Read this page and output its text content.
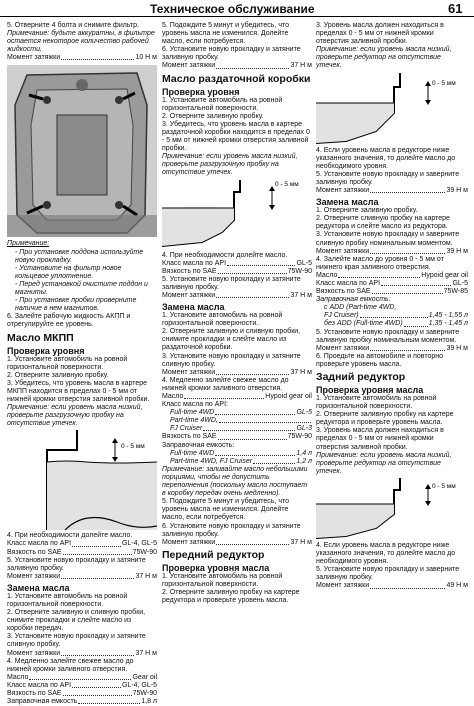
Техническое обслуживание	61
5. Отверните 4 болта и снимите фильтр.
Примечание: будьте аккуратны, в фильтре остается некоторое количество рабочей жидкости.
Момент затяжки	10 Н м
Примечание:
- При установке поддона используйте новую прокладку.
- Установите на фильтр новое кольцевое уплотнение.
- Перед установкой очистите поддон и магниты.
- При установке пробки проверните наличие в нем магнитов.
6. Залейте рабочую жидкость АКПП и отрегулируйте ее уровень.
Масло МКПП
Проверка уровня
1. Установите автомобиль на ровной горизонтальной поверхности.
2. Отверните заливную пробку.
3. Убедитесь, что уровень масла в картере МКПП находится в пределах 0 - 5 мм от нижней кромки отверстия заливной пробки.
Примечание: если уровень масла низкий, проверьте разгрузочную пробку на отсутствие утечек.
0 - 5 мм
4. При необходимости долейте масло.
Класс масла по API	GL-4, GL-5
Вязкость по SAE	75W-90
5. Установите новую прокладку и затяните заливную пробку.
Момент затяжки	37 Н м
Замена масла
1. Установите автомобиль на ровной горизонтальной поверхности.
2. Отверните заливную и сливную пробки, снимите прокладки и слейте масло из коробки передач.
3. Установите новую прокладку и затяните сливную пробку.
Момент затяжки	37 Н м
4. Медленно залейте свежее масло до нижней кромки заливного отверстия.
Масло	Gear oil
Класс масла по API	GL-4, GL-5
Вязкость по SAE	75W-90
Заправочная емкость	1,8 л
5. Подождите 5 минут и убедитесь, что уровень масла не изменился. Долейте масло, если потребуется.
6. Установите новую прокладку и затяните заливную пробку.
Момент затяжки	37 Н м
Масло раздаточной коробки
Проверка уровня
1. Установите автомобиль на ровной горизонтальной поверхности.
2. Отверните заливную пробку.
3. Убедитесь, что уровень масла в картере раздаточной коробки находится в пределах 0 - 5 мм от нижней кромки отверстия заливной пробки.
Примечание: если уровень масла низкий, проверьте разгрузочную пробку на отсутствие утечек.
0 - 5 мм
4. При необходимости долейте масло.
Класс масла по API	GL-5
Вязкость по SAE	75W-90
5. Установите новую прокладку и затяните заливную пробку.
Момент затяжки	37 Н м
Замена масла
1. Установите автомобиль на ровной горизонтальной поверхности.
2. Отверните заливную и сливную пробки, снимите прокладки и слейте масло из раздаточной коробки.
3. Установите новую прокладку и затяните сливную пробку.
Момент затяжки	37 Н м
4. Медленно залейте свежее масло до нижней кромки заливного отверстия.
Масло	Hypoid gear oil
Класс масла по API:
Full-time 4WD	GL-5
Part-time 4WD,
FJ Cruiser	GL-3
Вязкость по SAE	75W-90
Заправочная емкость:
Full-time 4WD	1,4 л
Part-time 4WD, FJ Cruiser	1,2 л
Примечание: заливайте масло небольшими порциями, чтобы не допустить переполнения (поскольку масло поступает в коробку передач очень медленно).
5. Подождите 5 минут и убедитесь, что уровень масла не изменился. Долейте масло, если потребуется.
6. Установите новую прокладку и затяните заливную пробку.
Момент затяжки	37 Н м
Передний редуктор
Проверка уровня масла
1. Установите автомобиль на ровной горизонтальной поверхности.
2. Отверните заливную пробку на картере редуктора и проверьте уровень масла.
3. Уровень масла должен находиться в пределах 0 - 5 мм от нижней кромки отверстия заливной пробки.
Примечание: если уровень масла низкий, проверьте редуктор на отсутствие утечек.
0 - 5 мм
4. Если уровень масла в редукторе ниже указанного значения, то долейте масло до необходимого уровня.
5. Установите новую прокладку и заверните заливную пробку.
Момент затяжки	39 Н м
Замена масла
1. Отверните заливную пробку.
2. Отверните сливную пробку на картере редуктора и слейте масло из редуктора.
3. Установите новую прокладку и заверните сливную пробку номинальным моментом.
Момент затяжки	39 Н м
4. Залейте масло до уровня 0 - 5 мм от нижнего края заливного отверстия.
Масло	Hypoid gear oil
Класс масла по API	GL-5
Вязкость по SAE	75W-85
Заправочная емкость:
с ADD (Part-time 4WD,
FJ Cruiser)	1,45 - 1,55 л
без ADD (Full-time 4WD)	1,35 - 1,45 л
5. Установите новую прокладку и заверните заливную пробку номинальным моментом.
Момент затяжки	39 Н м
6. Проедьте на автомобиле и повторно проверьте уровень масла.
Задний редуктор
Проверка уровня масла
1. Установите автомобиль на ровной горизонтальной поверхности.
2. Отверните заливную пробку на картере редуктора и проверьте уровень масла.
3. Уровень масла должен находиться в пределах 0 - 5 мм от нижней кромки отверстия заливной пробки.
Примечание: если уровень масла низкий, проверьте редуктор на отсутствие утечек.
0 - 5 мм
4. Если уровень масла в редукторе ниже указанного значения, то долейте масло до необходимого уровня.
5. Установите новую прокладку и заверните заливную пробку.
Момент затяжки	49 Н м
